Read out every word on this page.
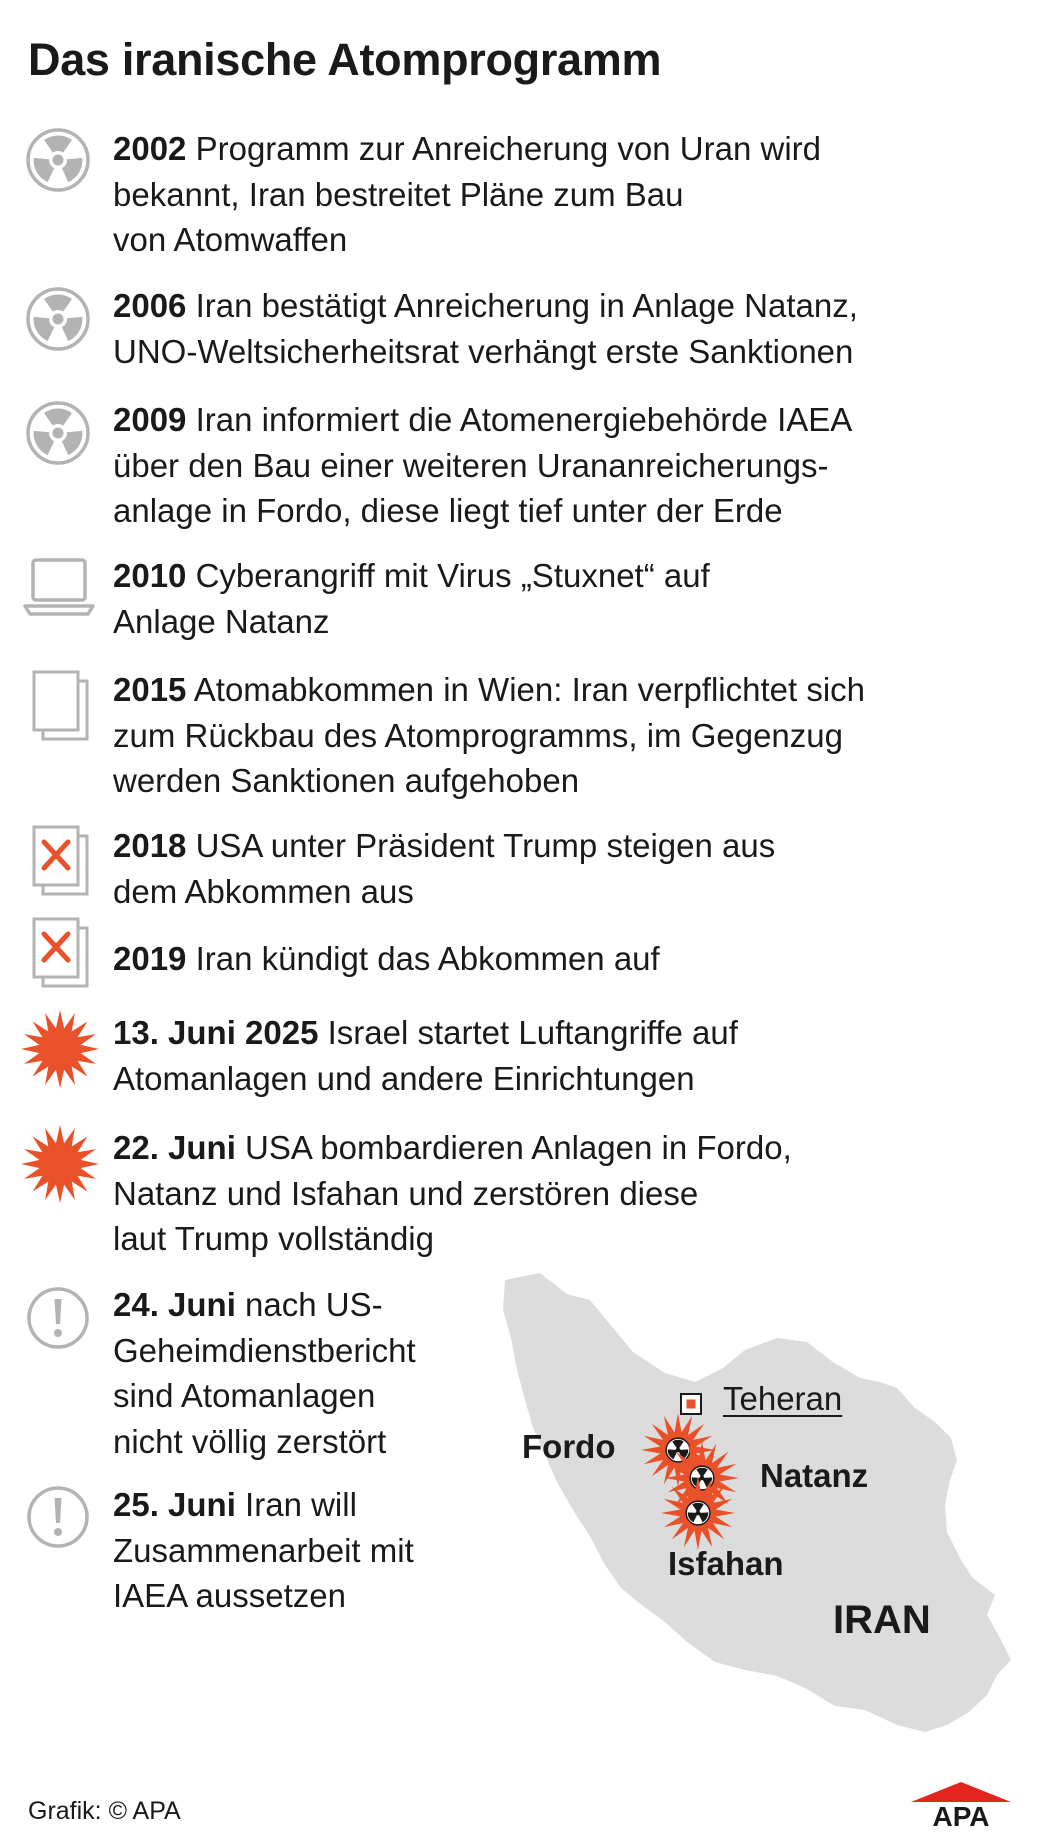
Das iranische Atomprogramm
2002 Programm zur Anreicherung von Uran wird
bekannt, Iran bestreitet Pläne zum Bau
von Atomwaffen
2006 Iran bestätigt Anreicherung in Anlage Natanz,
UNO-Weltsicherheitsrat verhängt erste Sanktionen
2009 Iran informiert die Atomenergiebehörde IAEA
über den Bau einer weiteren Urananreicherungs-
anlage in Fordo, diese liegt tief unter der Erde
2010 Cyberangriff mit Virus „Stuxnet“ auf
Anlage Natanz
2015 Atomabkommen in Wien: Iran verpflichtet sich
zum Rückbau des Atomprogramms, im Gegenzug
werden Sanktionen aufgehoben
2018 USA unter Präsident Trump steigen aus
dem Abkommen aus
2019 Iran kündigt das Abkommen auf
13. Juni 2025 Israel startet Luftangriffe auf
Atomanlagen und andere Einrichtungen
22. Juni USA bombardieren Anlagen in Fordo,
Natanz und Isfahan und zerstören diese
laut Trump vollständig
24. Juni nach US-
Geheimdienstbericht
sind Atomanlagen
nicht völlig zerstört
25. Juni Iran will
Zusammenarbeit mit
IAEA aussetzen
Teheran
Fordo
Natanz
Isfahan
IRAN
Grafik: © APA	APA
